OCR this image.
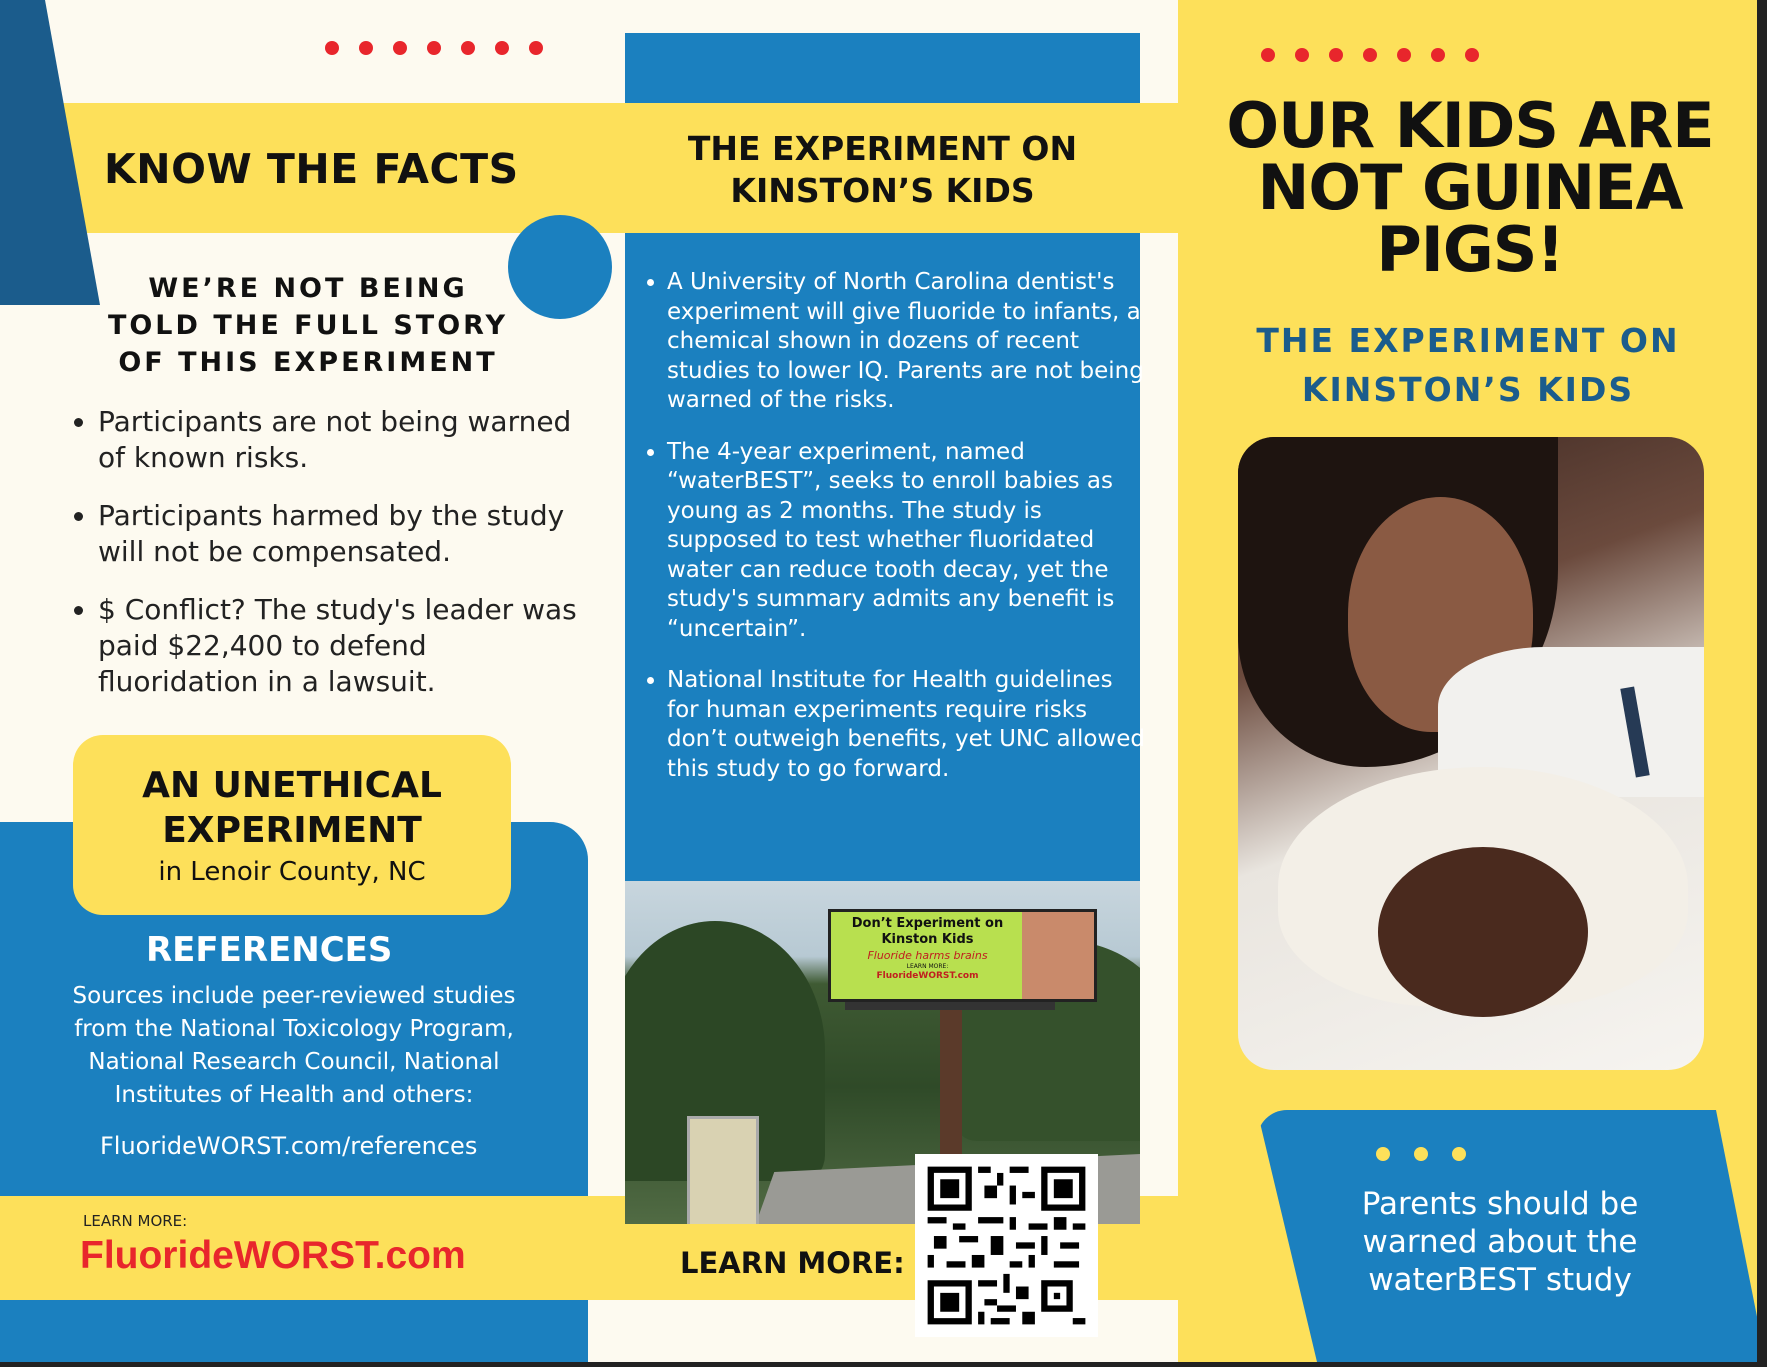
KNOW THE FACTS
WE’RE NOT BEING TOLD THE FULL STORY OF THIS EXPERIMENT
• Participants are not being warned of known risks.
• Participants harmed by the study will not be compensated.
• $ Conflict? The study's leader was paid $22,400 to defend fluoridation in a lawsuit.
AN UNETHICAL EXPERIMENT
in Lenoir County, NC
REFERENCES
Sources include peer-reviewed studies from the National Toxicology Program, National Research Council, National Institutes of Health and others:
FluorideWORST.com/references
LEARN MORE:
FluorideWORST.com
THE EXPERIMENT ON KINSTON’S KIDS
• A University of North Carolina dentist's experiment will give fluoride to infants, a chemical shown in dozens of recent studies to lower IQ. Parents are not being warned of the risks.
• The 4-year experiment, named “waterBEST”, seeks to enroll babies as young as 2 months. The study is supposed to test whether fluoridated water can reduce tooth decay, yet the study's summary admits any benefit is “uncertain”.
• National Institute for Health guidelines for human experiments require risks don’t outweigh benefits, yet UNC allowed this study to go forward.
Don’t Experiment on
Kinston Kids
Fluoride harms brains
LEARN MORE:
FluorideWORST.com
LEARN MORE:
OUR KIDS ARE NOT GUINEA PIGS!
THE EXPERIMENT ON KINSTON’S KIDS
Parents should be warned about the waterBEST study
